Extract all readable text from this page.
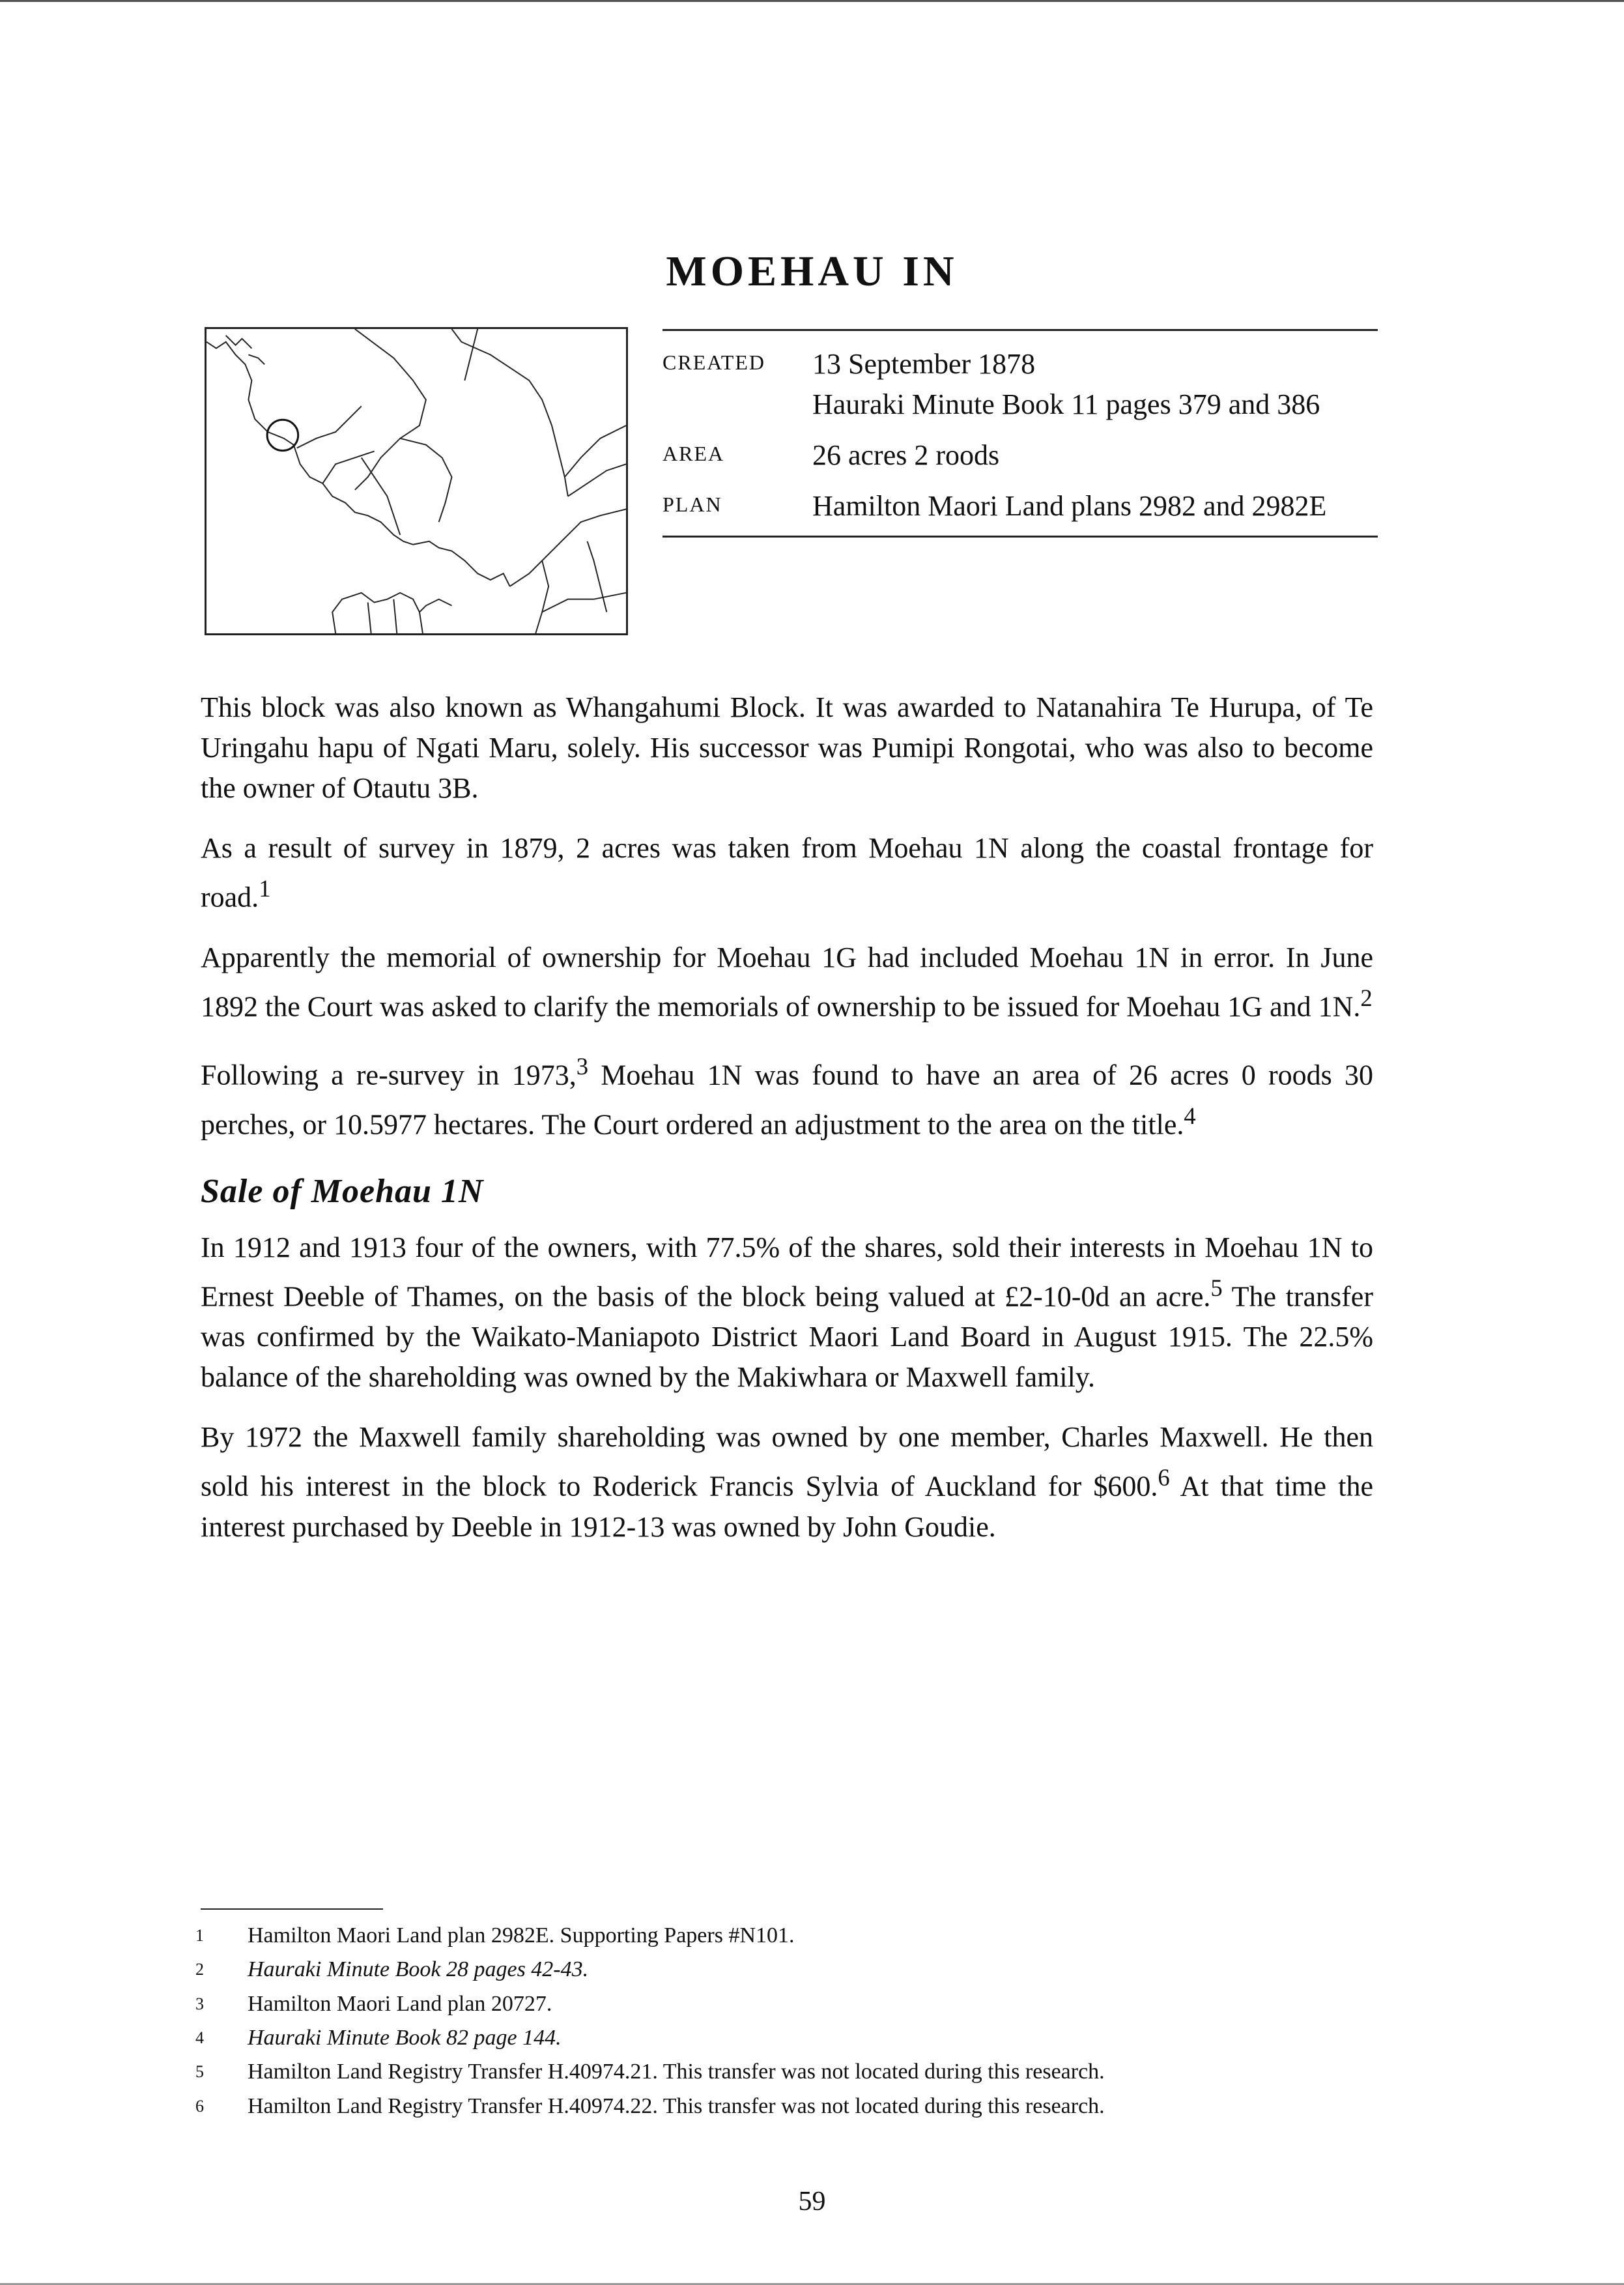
MOEHAU IN
CREATED	13 September 1878
Hauraki Minute Book 11 pages 379 and 386
AREA	26 acres 2 roods
PLAN	Hamilton Maori Land plans 2982 and 2982E

This block was also known as Whangahumi Block. It was awarded to Natanahira Te Hurupa, of Te Uringahu hapu of Ngati Maru, solely. His successor was Pumipi Rongotai, who was also to become the owner of Otautu 3B.

As a result of survey in 1879, 2 acres was taken from Moehau 1N along the coastal frontage for road.$^1$

Apparently the memorial of ownership for Moehau 1G had included Moehau 1N in error. In June 1892 the Court was asked to clarify the memorials of ownership to be issued for Moehau 1G and 1N.$^2$

Following a re-survey in 1973,$^3$ Moehau 1N was found to have an area of 26 acres 0 roods 30 perches, or 10.5977 hectares. The Court ordered an adjustment to the area on the title.$^4$

Sale of Moehau 1N

In 1912 and 1913 four of the owners, with 77.5% of the shares, sold their interests in Moehau 1N to Ernest Deeble of Thames, on the basis of the block being valued at £2-10-0d an acre.$^5$ The transfer was confirmed by the Waikato-Maniapoto District Maori Land Board in August 1915. The 22.5% balance of the shareholding was owned by the Makiwhara or Maxwell family.

By 1972 the Maxwell family shareholding was owned by one member, Charles Maxwell. He then sold his interest in the block to Roderick Francis Sylvia of Auckland for $600.$^6$ At that time the interest purchased by Deeble in 1912-13 was owned by John Goudie.

$^1$	Hamilton Maori Land plan 2982E. Supporting Papers #N101.
$^2$	Hauraki Minute Book 28 pages 42-43.
$^3$	Hamilton Maori Land plan 20727.
$^4$	Hauraki Minute Book 82 page 144.
$^5$	Hamilton Land Registry Transfer H.40974.21. This transfer was not located during this research.
$^6$	Hamilton Land Registry Transfer H.40974.22. This transfer was not located during this research.
59
